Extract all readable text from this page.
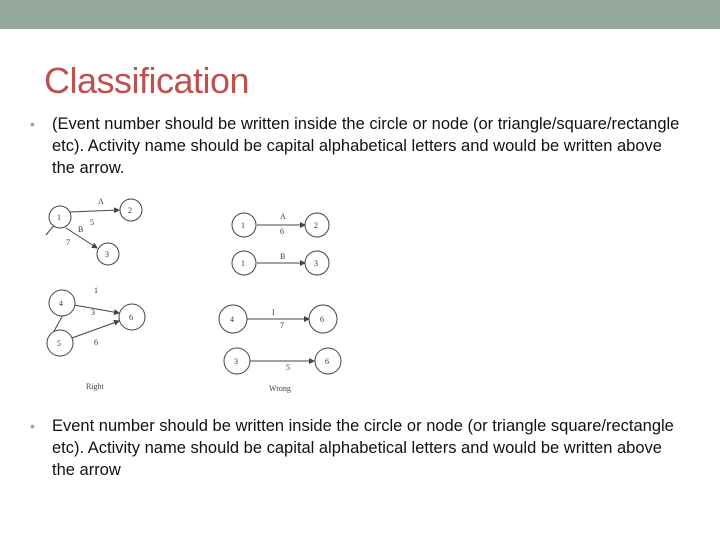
Classification
•	(Event number should be written inside the circle or node (or triangle/square/rectangle etc). Activity name should be capital alphabetical letters and would be written above the arrow.
A
B
5
7
1
2
3
1
3
6
4
5
6
Right
A
6
B
1	2
1	3
I
7
5
4	6
3	6
Wrong
•	Event number should be written inside the circle or node (or triangle square/rectangle etc). Activity name should be capital alphabetical letters and would be written above the arrow
